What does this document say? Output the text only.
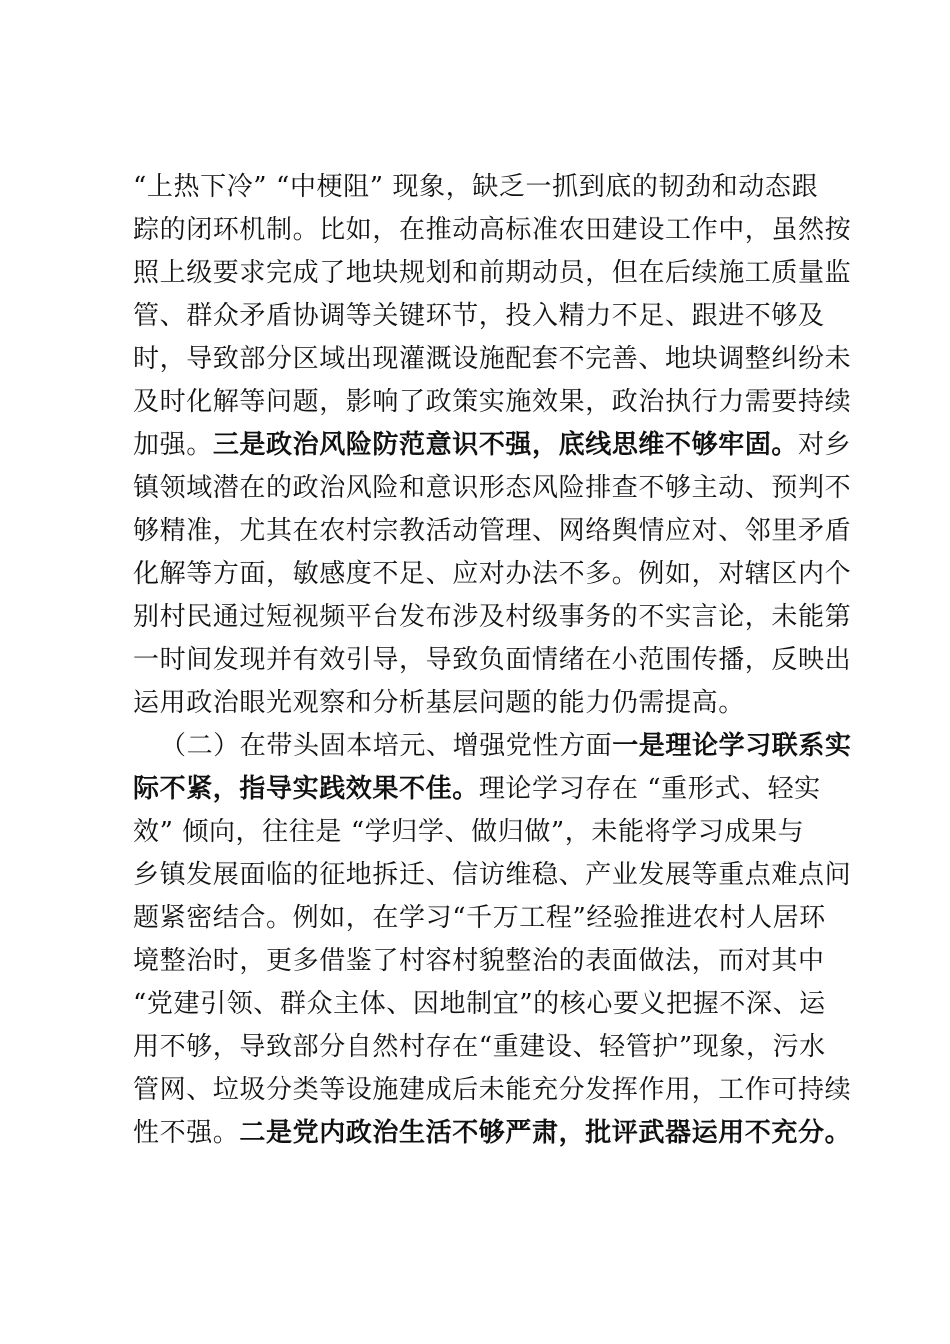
“上热下冷” “中梗阻” 现象，缺乏一抓到底的韧劲和动态跟
踪的闭环机制。比如，在推动高标准农田建设工作中，虽然按
照上级要求完成了地块规划和前期动员，但在后续施工质量监
管、群众矛盾协调等关键环节，投入精力不足、跟进不够及
时，导致部分区域出现灌溉设施配套不完善、地块调整纠纷未
及时化解等问题，影响了政策实施效果，政治执行力需要持续
加强。三是政治风险防范意识不强，底线思维不够牢固。对乡
镇领域潜在的政治风险和意识形态风险排查不够主动、预判不
够精准，尤其在农村宗教活动管理、网络舆情应对、邻里矛盾
化解等方面，敏感度不足、应对办法不多。例如，对辖区内个
别村民通过短视频平台发布涉及村级事务的不实言论，未能第
一时间发现并有效引导，导致负面情绪在小范围传播，反映出
运用政治眼光观察和分析基层问题的能力仍需提高。
（二）在带头固本培元、增强党性方面一是理论学习联系实
际不紧，指导实践效果不佳。理论学习存在 “重形式、轻实
效” 倾向，往往是 “学归学、做归做”，未能将学习成果与
乡镇发展面临的征地拆迁、信访维稳、产业发展等重点难点问
题紧密结合。例如，在学习“千万工程”经验推进农村人居环
境整治时，更多借鉴了村容村貌整治的表面做法，而对其中
“党建引领、群众主体、因地制宜”的核心要义把握不深、运
用不够，导致部分自然村存在“重建设、轻管护”现象，污水
管网、垃圾分类等设施建成后未能充分发挥作用，工作可持续
性不强。二是党内政治生活不够严肃，批评武器运用不充分。
